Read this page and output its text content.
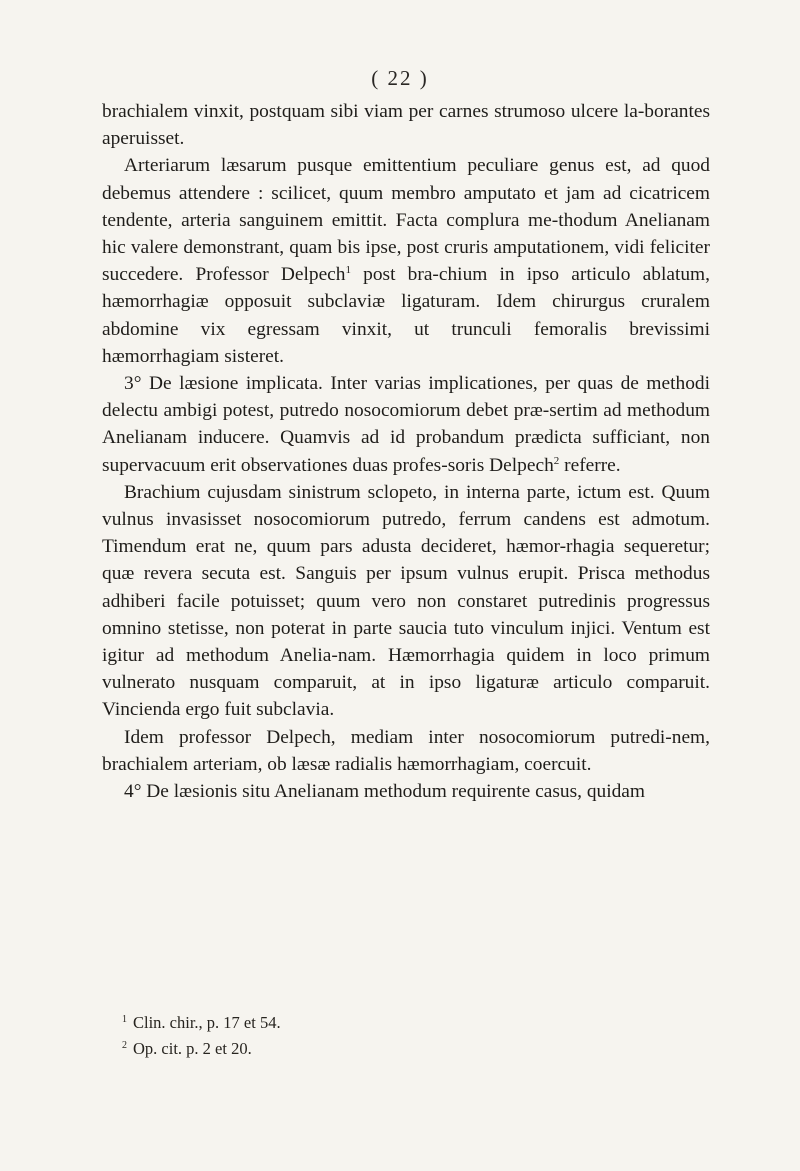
( 22 )

brachialem vinxit, postquam sibi viam per carnes strumoso ulcere la-borantes aperuisset.

Arteriarum læsarum pusque emittentium peculiare genus est, ad quod debemus attendere : scilicet, quum membro amputato et jam ad cicatricem tendente, arteria sanguinem emittit. Facta complura me-thodum Anelianam hic valere demonstrant, quam bis ipse, post cruris amputationem, vidi feliciter succedere. Professor Delpech$^1$ post bra-chium in ipso articulo ablatum, hæmorrhagiæ opposuit subclaviæ ligaturam. Idem chirurgus cruralem abdomine vix egressam vinxit, ut trunculi femoralis brevissimi hæmorrhagiam sisteret.

3° De læsione implicata. Inter varias implicationes, per quas de methodi delectu ambigi potest, putredo nosocomiorum debet præ-sertim ad methodum Anelianam inducere. Quamvis ad id probandum prædicta sufficiant, non supervacuum erit observationes duas profes-soris Delpech$^2$ referre.

Brachium cujusdam sinistrum sclopeto, in interna parte, ictum est. Quum vulnus invasisset nosocomiorum putredo, ferrum candens est admotum. Timendum erat ne, quum pars adusta decideret, hæmor-rhagia sequeretur; quæ revera secuta est. Sanguis per ipsum vulnus erupit. Prisca methodus adhiberi facile potuisset; quum vero non constaret putredinis progressus omnino stetisse, non poterat in parte saucia tuto vinculum injici. Ventum est igitur ad methodum Anelia-nam. Hæmorrhagia quidem in loco primum vulnerato nusquam comparuit, at in ipso ligaturæ articulo comparuit. Vincienda ergo fuit subclavia.

Idem professor Delpech, mediam inter nosocomiorum putredi-nem, brachialem arteriam, ob læsæ radialis hæmorrhagiam, coercuit.

4° De læsionis situ Anelianam methodum requirente casus, quidam

$^1$ Clin. chir., p. 17 et 54.
$^2$ Op. cit. p. 2 et 20.
